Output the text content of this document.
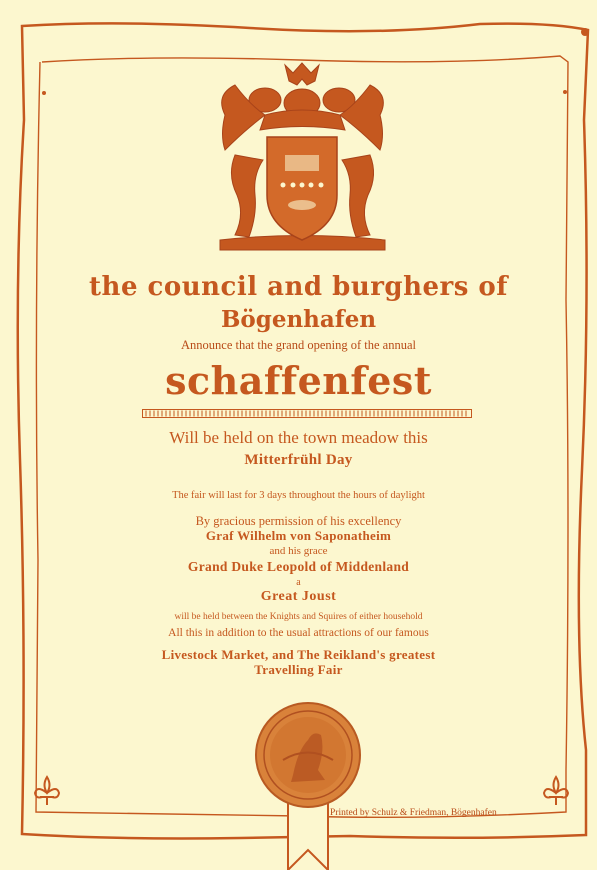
the council and burghers of
Bögenhafen
Announce that the grand opening of the annual
schaffenfest
Will be held on the town meadow this
Mitterfrühl Day
The fair will last for 3 days throughout the hours of daylight
By gracious permission of his excellency
Graf Wilhelm von Saponatheim
and his grace
Grand Duke Leopold of Middenland
a
Great Joust
will be held between the Knights and Squires of either household
All this in addition to the usual attractions of our famous
Livestock Market, and The Reikland's greatest
Travelling Fair
Printed by Schulz & Friedman, Bögenhafen
